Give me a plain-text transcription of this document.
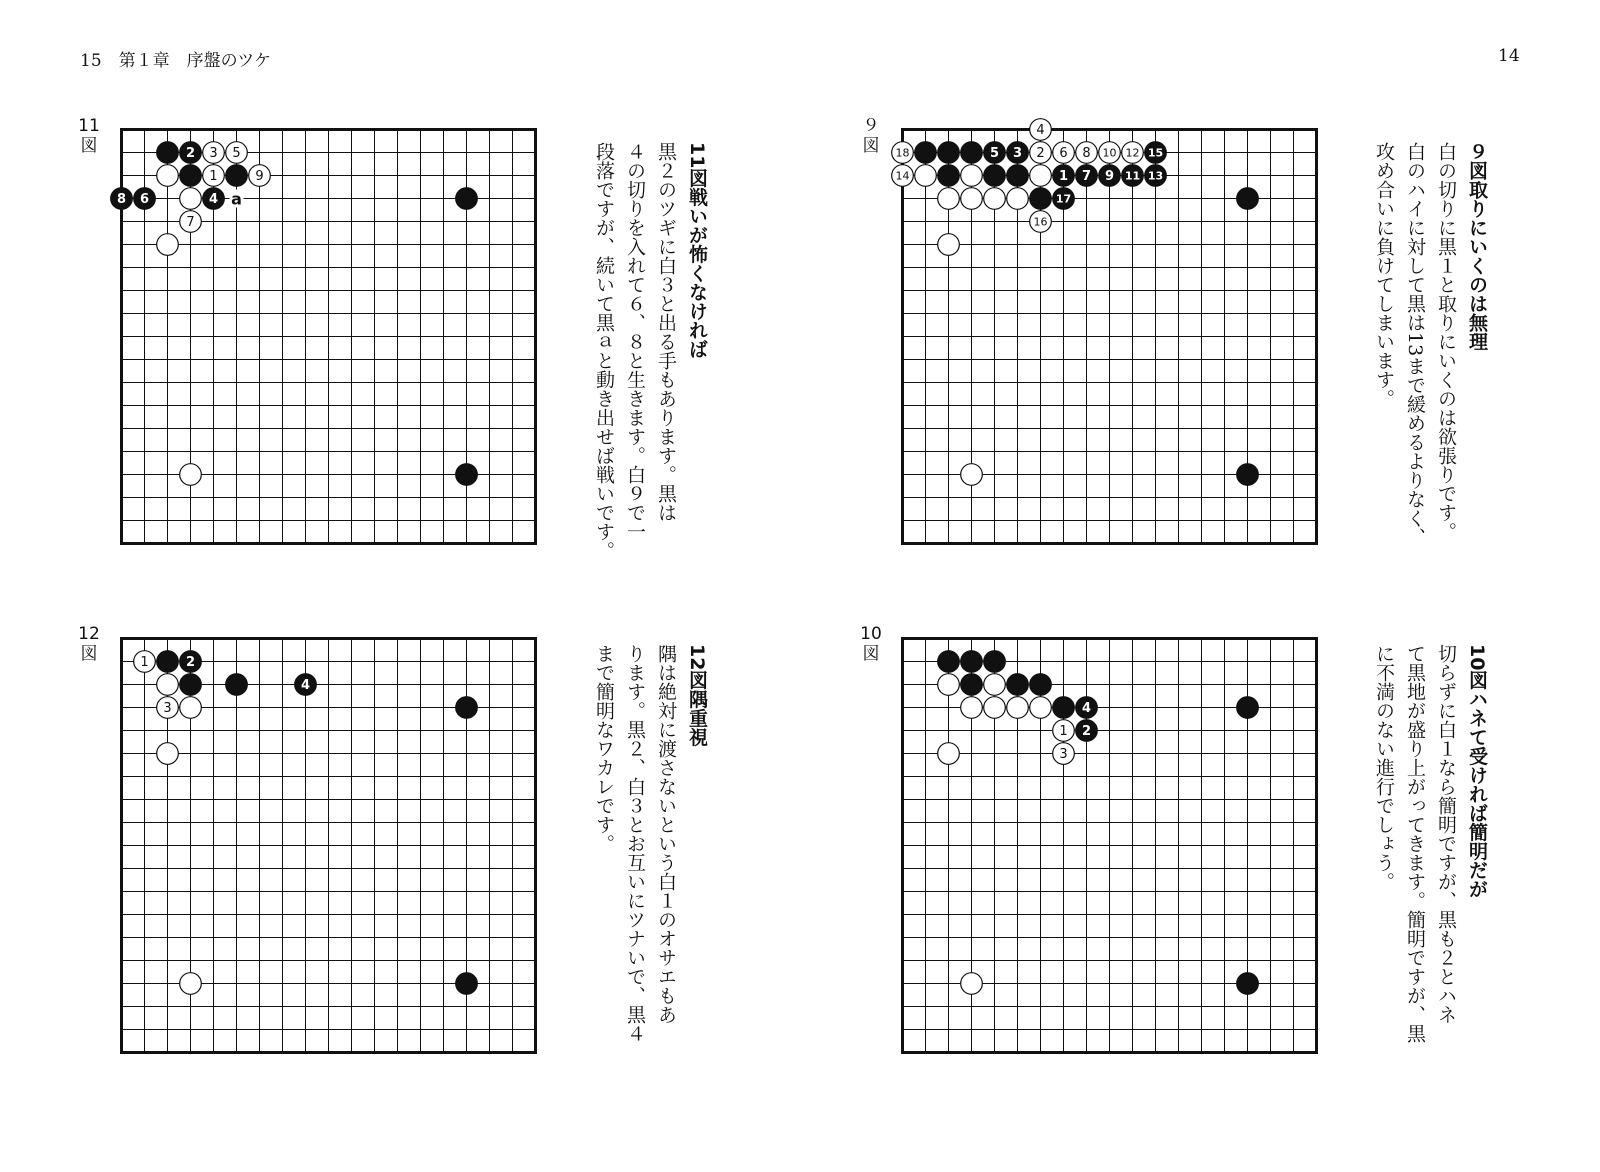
15　第１章　序盤のツケ	14
11
図
a
2 3 5
1	9
8 6	4
7
11図戦いが怖くなければ
黒２のツギに白３と出る手もあります。黒は
４の切りを入れて６、８と生きます。白９で一
段落ですが、続いて黒ａと動き出せば戦いです。
９
図
4
18	5 3 2 6 8 10 12 15
14	1 7 9 11 13
17
16
９図取りにいくのは無理
白の切りに黒１と取りにいくのは欲張りです。
白のハイに対して黒は13まで緩めるよりなく、
攻め合いに負けてしまいます。
12
図	1	2
4
3
12図隅重視
隅は絶対に渡さないという白１のオサエもあ
ります。黒２、白３とお互いにツナいで、黒４
まで簡明なワカレです。
10
図
4
1 2
3
10図ハネて受ければ簡明だが
切らずに白１なら簡明ですが、黒も２とハネ
て黒地が盛り上がってきます。簡明ですが、黒
に不満のない進行でしょう。
